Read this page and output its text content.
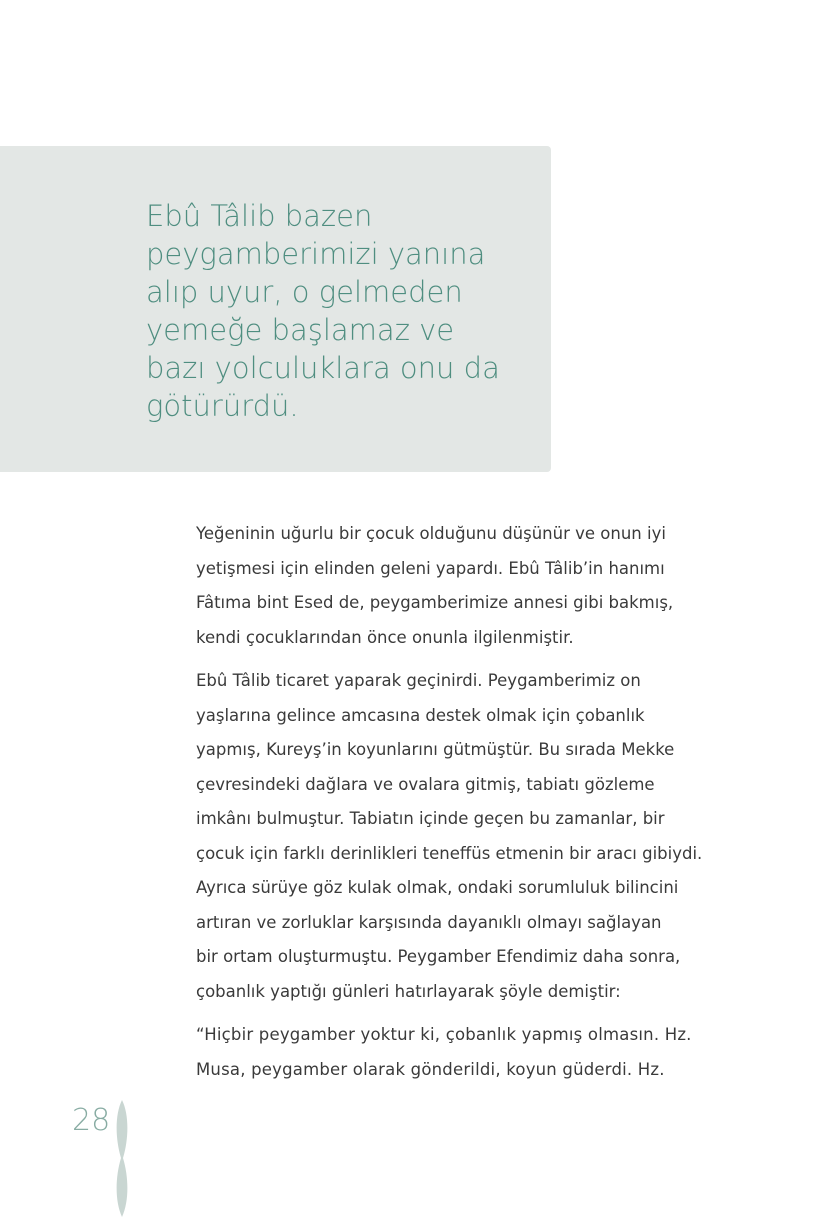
Ebû Tâlib bazen
peygamberimizi yanına
alıp uyur, o gelmeden
yemeğe başlamaz ve
bazı yolculuklara onu da
götürürdü.

Yeğeninin uğurlu bir çocuk olduğunu düşünür ve onun iyi
yetişmesi için elinden geleni yapardı. Ebû Tâlib’in hanımı
Fâtıma bint Esed de, peygamberimize annesi gibi bakmış,
kendi çocuklarından önce onunla ilgilenmiştir.

Ebû Tâlib ticaret yaparak geçinirdi. Peygamberimiz on
yaşlarına gelince amcasına destek olmak için çobanlık
yapmış, Kureyş’in koyunlarını gütmüştür. Bu sırada Mekke
çevresindeki dağlara ve ovalara gitmiş, tabiatı gözleme
imkânı bulmuştur. Tabiatın içinde geçen bu zamanlar, bir
çocuk için farklı derinlikleri teneffüs etmenin bir aracı gibiydi.
Ayrıca sürüye göz kulak olmak, ondaki sorumluluk bilincini
artıran ve zorluklar karşısında dayanıklı olmayı sağlayan
bir ortam oluşturmuştu. Peygamber Efendimiz daha sonra,
çobanlık yaptığı günleri hatırlayarak şöyle demiştir:

“Hiçbir peygamber yoktur ki, çobanlık yapmış olmasın. Hz.
Musa, peygamber olarak gönderildi, koyun güderdi. Hz.

28
